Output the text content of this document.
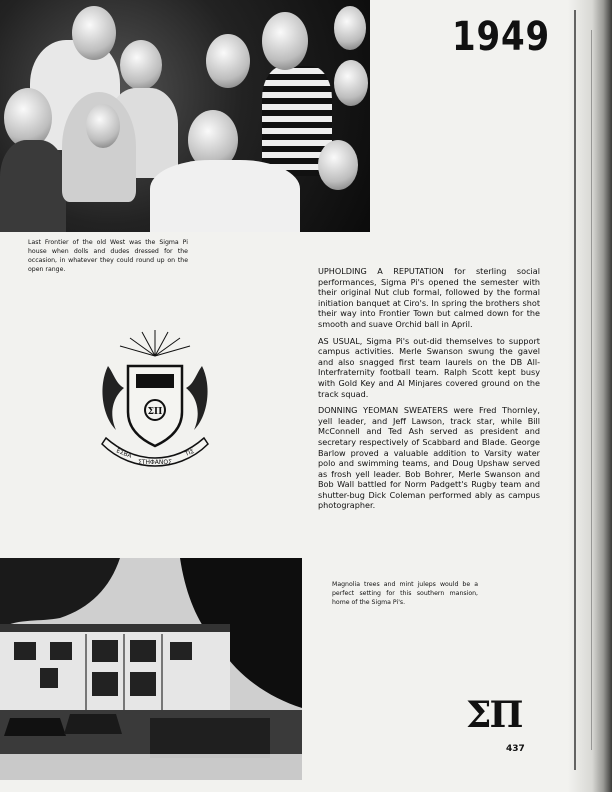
1949
Last Frontier of the old West was the Sigma Pi house when dolls and dudes dressed for the occasion, in whatever they could round up on the open range.	UPHOLDING A REPUTATION for sterling social performances, Sigma Pi's opened the semester with their original Nut club formal, followed by the formal initiation banquet at Ciro's. In spring the brothers shot their way into Frontier Town but calmed down for the smooth and suave Orchid ball in April.

AS USUAL, Sigma Pi's out-did themselves to support campus activities. Merle Swanson swung the gavel and also snagged first team laurels on the DB All-Interfraternity football team. Ralph Scott kept busy with Gold Key and Al Minjares covered ground on the track squad.

DONNING YEOMAN SWEATERS were Fred Thornley, yell leader, and Jeff Lawson, track star, while Bill McConnell and Ted Ash served as president and secretary respectively of Scabbard and Blade. George Barlow proved a valuable addition to Varsity water polo and swimming teams, and Doug Upshaw served as frosh yell leader. Bob Bohrer, Merle Swanson and Bob Wall battled for Norm Padgett's Rugby team and shutter-bug Dick Coleman performed ably as campus photographer.

ΣΠ
ΕΣΒΑ
ΣΤΗΦΑΝΟΣ
ΤΙΣ
Magnolia trees and mint juleps would be a perfect setting for this southern mansion, home of the Sigma Pi's.
ΣΠ
437
